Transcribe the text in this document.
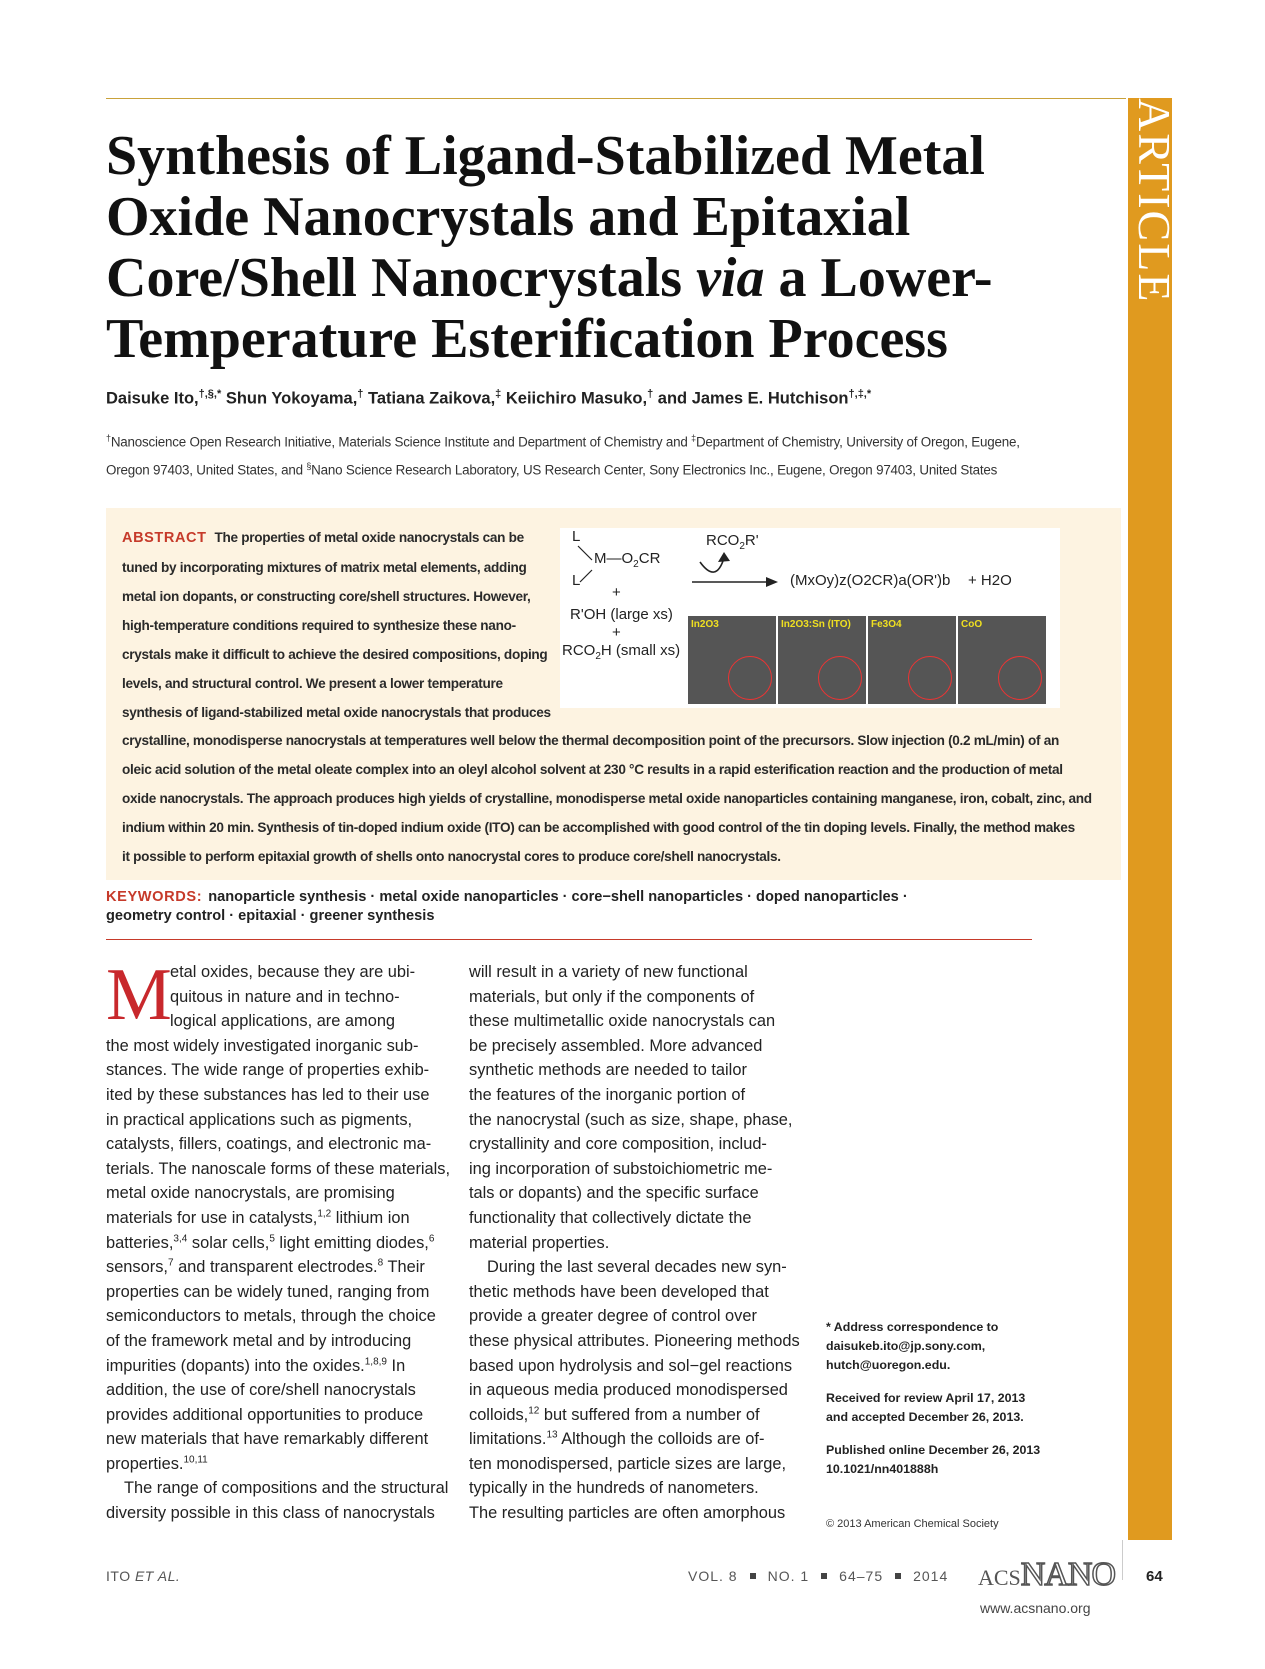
ARTICLE
Synthesis of Ligand-Stabilized Metal
Oxide Nanocrystals and Epitaxial
Core/Shell Nanocrystals via a Lower-
Temperature Esterification Process
Daisuke Ito,†,§,* Shun Yokoyama,† Tatiana Zaikova,‡ Keiichiro Masuko,† and James E. Hutchison†,‡,*
†Nanoscience Open Research Initiative, Materials Science Institute and Department of Chemistry and ‡Department of Chemistry, University of Oregon, Eugene,
Oregon 97403, United States, and §Nano Science Research Laboratory, US Research Center, Sony Electronics Inc., Eugene, Oregon 97403, United States
ABSTRACT The properties of metal oxide nanocrystals can be
tuned by incorporating mixtures of matrix metal elements, adding
metal ion dopants, or constructing core/shell structures. However,
high-temperature conditions required to synthesize these nano-
crystals make it difficult to achieve the desired compositions, doping
levels, and structural control. We present a lower temperature
synthesis of ligand-stabilized metal oxide nanocrystals that produces
crystalline, monodisperse nanocrystals at temperatures well below the thermal decomposition point of the precursors. Slow injection (0.2 mL/min) of an
oleic acid solution of the metal oleate complex into an oleyl alcohol solvent at 230 °C results in a rapid esterification reaction and the production of metal
oxide nanocrystals. The approach produces high yields of crystalline, monodisperse metal oxide nanoparticles containing manganese, iron, cobalt, zinc, and
indium within 20 min. Synthesis of tin-doped indium oxide (ITO) can be accomplished with good control of the tin doping levels. Finally, the method makes
it possible to perform epitaxial growth of shells onto nanocrystal cores to produce core/shell nanocrystals.
L
$M—O_2CR$
L
+
R'OH (large xs)
+
$RCO_2H$ (small xs)
$RCO_2R'$
(MxOy)z(O2CR)a(OR')b + H2O
In2O3	In2O3:Sn (ITO) Fe3O4	CoO
KEYWORDS: nanoparticle synthesis · metal oxide nanoparticles · core−shell nanoparticles · doped nanoparticles ·
geometry control · epitaxial · greener synthesis
M
etal oxides, because they are ubi-
quitous in nature and in techno-
logical applications, are among
the most widely investigated inorganic sub-
stances. The wide range of properties exhib-
ited by these substances has led to their use
in practical applications such as pigments,
catalysts, fillers, coatings, and electronic ma-
terials. The nanoscale forms of these materials,
metal oxide nanocrystals, are promising
materials for use in catalysts,$^{1,2}$ lithium ion
batteries,$^{3,4}$ solar cells,$^5$ light emitting diodes,$^6$
sensors,$^7$ and transparent electrodes.$^8$ Their
properties can be widely tuned, ranging from
semiconductors to metals, through the choice
of the framework metal and by introducing
impurities (dopants) into the oxides.$^{1,8,9}$ In
addition, the use of core/shell nanocrystals
provides additional opportunities to produce
new materials that have remarkably different
properties.$^{10,11}$
The range of compositions and the structural
diversity possible in this class of nanocrystals
will result in a variety of new functional
materials, but only if the components of
these multimetallic oxide nanocrystals can
be precisely assembled. More advanced
synthetic methods are needed to tailor
the features of the inorganic portion of
the nanocrystal (such as size, shape, phase,
crystallinity and core composition, includ-
ing incorporation of substoichiometric me-
tals or dopants) and the specific surface
functionality that collectively dictate the
material properties.
During the last several decades new syn-
thetic methods have been developed that
provide a greater degree of control over
these physical attributes. Pioneering methods
based upon hydrolysis and sol−gel reactions
in aqueous media produced monodispersed
colloids,$^{12}$ but suffered from a number of
limitations.$^{13}$ Although the colloids are of-
ten monodispersed, particle sizes are large,
typically in the hundreds of nanometers.
The resulting particles are often amorphous
* Address correspondence to
daisukeb.ito@jp.sony.com,
hutch@uoregon.edu.
Received for review April 17, 2013
and accepted December 26, 2013.
Published online December 26, 2013
10.1021/nn401888h
© 2013 American Chemical Society
ITO ET AL.	VOL. 8 NO. 1 64–75 2014 ACSNANO 64
www.acsnano.org
